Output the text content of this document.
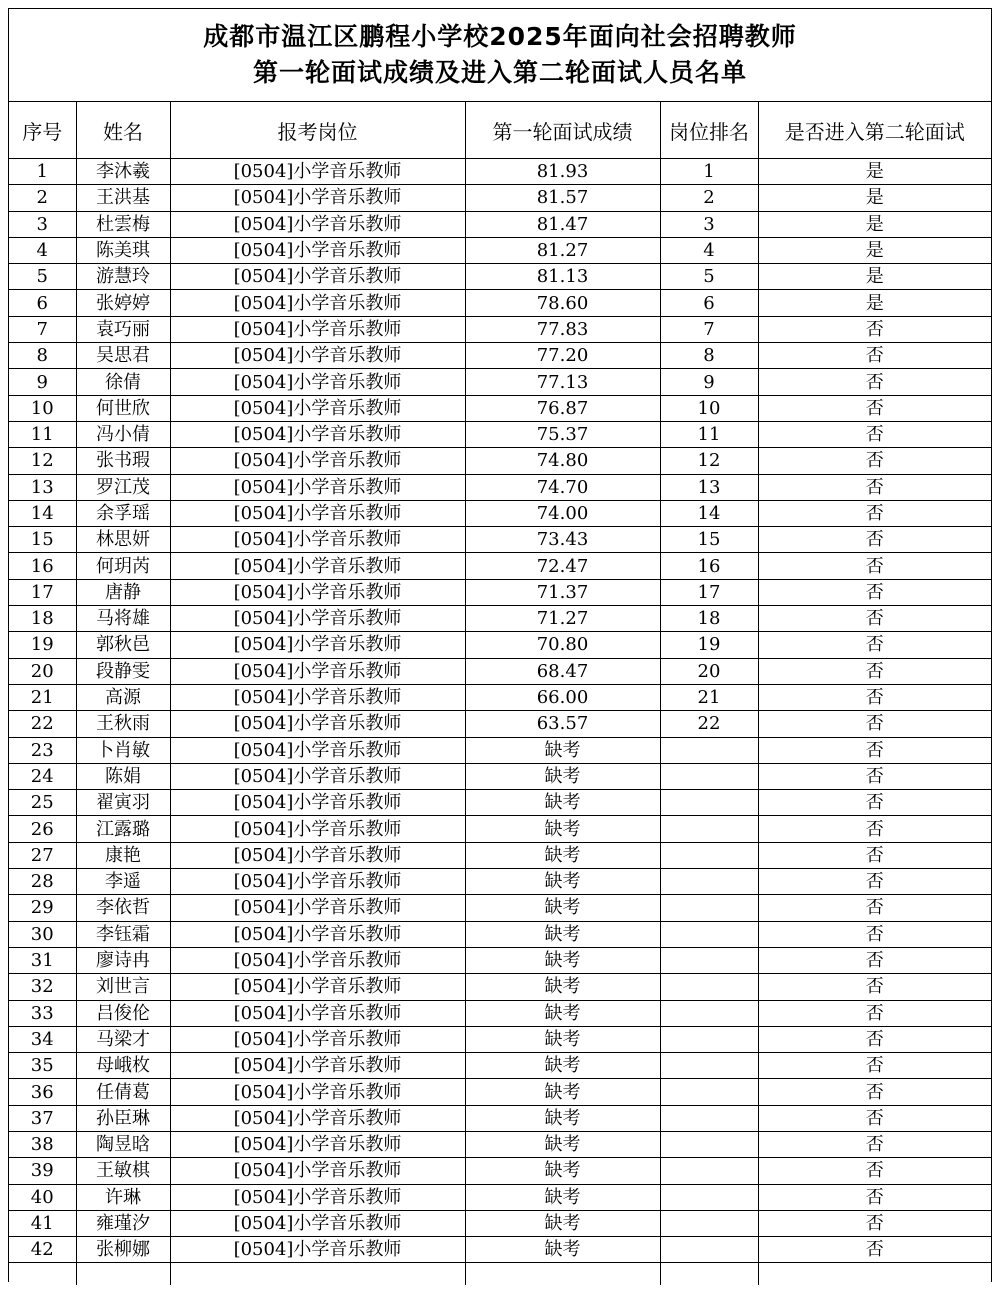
成都市温江区鹏程小学校2025年面向社会招聘教师
第一轮面试成绩及进入第二轮面试人员名单
序号	姓名	报考岗位	第一轮面试成绩	岗位排名	是否进入第二轮面试
1	李沐羲	[0504]小学音乐教师	81.93	1	是
2	王洪基	[0504]小学音乐教师	81.57	2	是
3	杜雲梅	[0504]小学音乐教师	81.47	3	是
4	陈美琪	[0504]小学音乐教师	81.27	4	是
5	游慧玲	[0504]小学音乐教师	81.13	5	是
6	张婷婷	[0504]小学音乐教师	78.60	6	是
7	袁巧丽	[0504]小学音乐教师	77.83	7	否
8	吴思君	[0504]小学音乐教师	77.20	8	否
9	徐倩	[0504]小学音乐教师	77.13	9	否
10	何世欣	[0504]小学音乐教师	76.87	10	否
11	冯小倩	[0504]小学音乐教师	75.37	11	否
12	张书瑕	[0504]小学音乐教师	74.80	12	否
13	罗江茂	[0504]小学音乐教师	74.70	13	否
14	余孚瑶	[0504]小学音乐教师	74.00	14	否
15	林思妍	[0504]小学音乐教师	73.43	15	否
16	何玥芮	[0504]小学音乐教师	72.47	16	否
17	唐静	[0504]小学音乐教师	71.37	17	否
18	马将雄	[0504]小学音乐教师	71.27	18	否
19	郭秋邑	[0504]小学音乐教师	70.80	19	否
20	段静雯	[0504]小学音乐教师	68.47	20	否
21	高源	[0504]小学音乐教师	66.00	21	否
22	王秋雨	[0504]小学音乐教师	63.57	22	否
23	卜肖敏	[0504]小学音乐教师	缺考		否
24	陈娟	[0504]小学音乐教师	缺考		否
25	翟寅羽	[0504]小学音乐教师	缺考		否
26	江露璐	[0504]小学音乐教师	缺考		否
27	康艳	[0504]小学音乐教师	缺考		否
28	李遥	[0504]小学音乐教师	缺考		否
29	李依哲	[0504]小学音乐教师	缺考		否
30	李钰霜	[0504]小学音乐教师	缺考		否
31	廖诗冉	[0504]小学音乐教师	缺考		否
32	刘世言	[0504]小学音乐教师	缺考		否
33	吕俊伦	[0504]小学音乐教师	缺考		否
34	马梁才	[0504]小学音乐教师	缺考		否
35	母峨枚	[0504]小学音乐教师	缺考		否
36	任倩葛	[0504]小学音乐教师	缺考		否
37	孙臣琳	[0504]小学音乐教师	缺考		否
38	陶昱晗	[0504]小学音乐教师	缺考		否
39	王敏棋	[0504]小学音乐教师	缺考		否
40	许琳	[0504]小学音乐教师	缺考		否
41	雍瑾汐	[0504]小学音乐教师	缺考		否
42	张柳娜	[0504]小学音乐教师	缺考		否
